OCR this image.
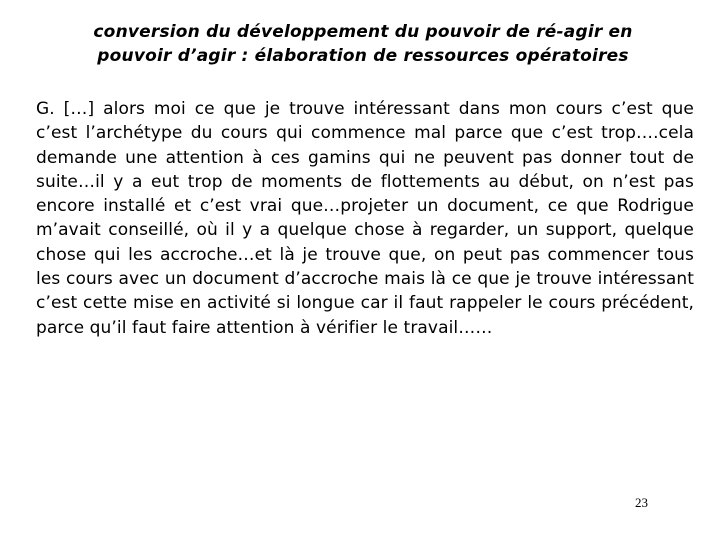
conversion du développement du pouvoir de ré-agir en
pouvoir d’agir : élaboration de ressources opératoires

G. […] alors moi ce que je trouve intéressant dans mon cours c’est que c’est l’archétype du cours qui commence mal parce que c’est trop….cela demande une attention à ces gamins qui ne peuvent pas donner tout de suite…il y a eut trop de moments de flottements au début, on n’est pas encore installé et c’est vrai que…projeter un document, ce que Rodrigue m’avait conseillé, où il y a quelque chose à regarder, un support, quelque chose qui les accroche…et là je trouve que, on peut pas commencer tous les cours avec un document d’accroche mais là ce que je trouve intéressant c’est cette mise en activité si longue car il faut rappeler le cours précédent, parce qu’il faut faire attention à vérifier le travail……

23
